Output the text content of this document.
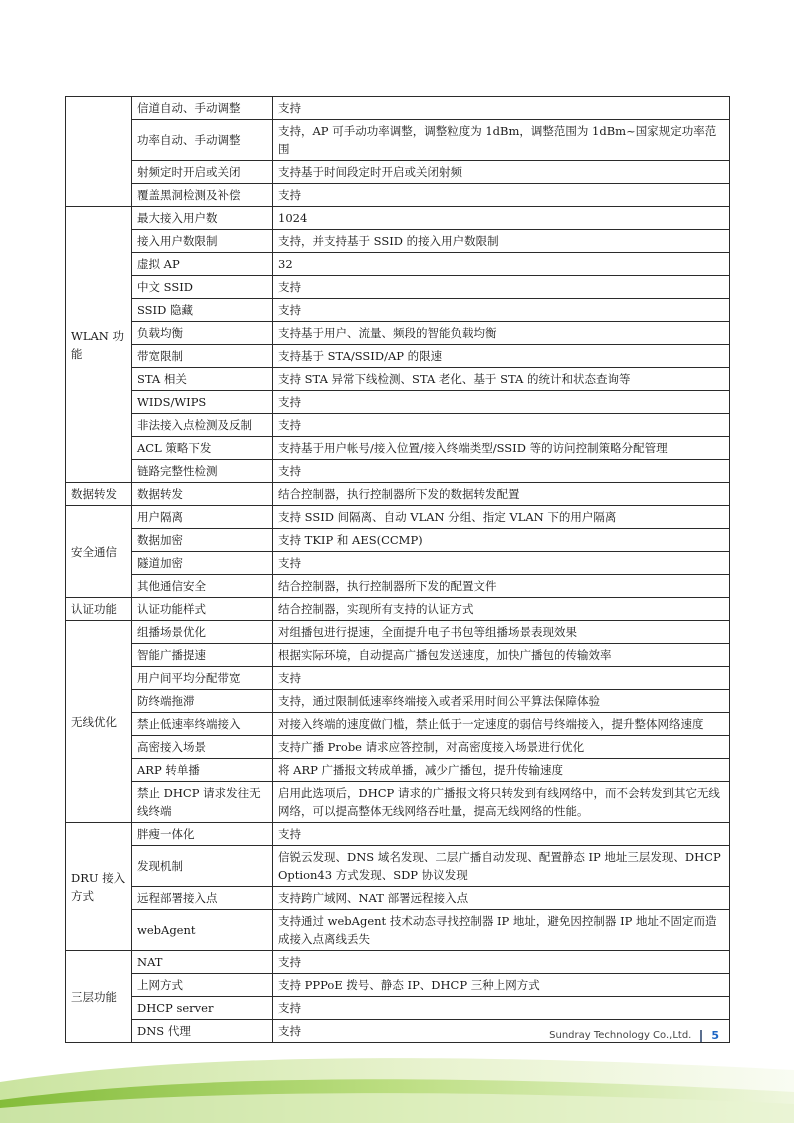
	信道自动、手动调整	支持
	功率自动、手动调整	支持，AP 可手动功率调整，调整粒度为 1dBm，调整范围为 1dBm~国家规定功率范围
	射频定时开启或关闭	支持基于时间段定时开启或关闭射频
	覆盖黑洞检测及补偿	支持
WLAN 功能	最大接入用户数	1024
	接入用户数限制	支持，并支持基于 SSID 的接入用户数限制
	虚拟 AP	32
	中文 SSID	支持
	SSID 隐藏	支持
	负载均衡	支持基于用户、流量、频段的智能负载均衡
	带宽限制	支持基于 STA/SSID/AP 的限速
	STA 相关	支持 STA 异常下线检测、STA 老化、基于 STA 的统计和状态查询等
	WIDS/WIPS	支持
	非法接入点检测及反制	支持
	ACL 策略下发	支持基于用户帐号/接入位置/接入终端类型/SSID 等的访问控制策略分配管理
	链路完整性检测	支持
数据转发	数据转发	结合控制器，执行控制器所下发的数据转发配置
安全通信	用户隔离	支持 SSID 间隔离、自动 VLAN 分组、指定 VLAN 下的用户隔离
	数据加密	支持 TKIP 和 AES(CCMP)
	隧道加密	支持
	其他通信安全	结合控制器，执行控制器所下发的配置文件
认证功能	认证功能样式	结合控制器，实现所有支持的认证方式
无线优化	组播场景优化	对组播包进行提速，全面提升电子书包等组播场景表现效果
	智能广播提速	根据实际环境，自动提高广播包发送速度，加快广播包的传输效率
	用户间平均分配带宽	支持
	防终端拖滞	支持，通过限制低速率终端接入或者采用时间公平算法保障体验
	禁止低速率终端接入	对接入终端的速度做门槛，禁止低于一定速度的弱信号终端接入，提升整体网络速度
	高密接入场景	支持广播 Probe 请求应答控制，对高密度接入场景进行优化
	ARP 转单播	将 ARP 广播报文转成单播，减少广播包，提升传输速度
	禁止 DHCP 请求发往无线终端	启用此选项后，DHCP 请求的广播报文将只转发到有线网络中，而不会转发到其它无线网络，可以提高整体无线网络吞吐量，提高无线网络的性能。
DRU 接入方式	胖瘦一体化	支持
	发现机制	信锐云发现、DNS 域名发现、二层广播自动发现、配置静态 IP 地址三层发现、DHCP Option43 方式发现、SDP 协议发现
	远程部署接入点	支持跨广域网、NAT 部署远程接入点
	webAgent	支持通过 webAgent 技术动态寻找控制器 IP 地址，避免因控制器 IP 地址不固定而造成接入点离线丢失
三层功能	NAT	支持
	上网方式	支持 PPPoE 拨号、静态 IP、DHCP 三种上网方式
	DHCP server	支持
	DNS 代理	支持	Sundray Technology Co.,Ltd. 5
